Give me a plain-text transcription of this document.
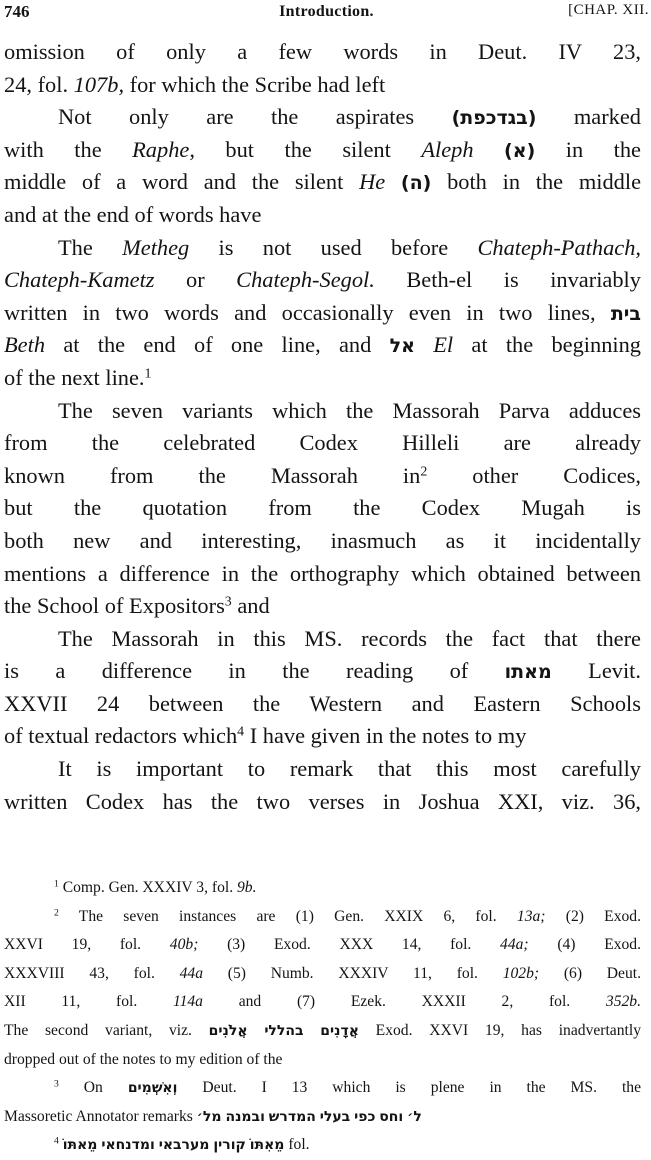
746	Introduction.	[CHAP. XII.

omission of only a few words in Deut. IV 23,
24, fol. 107b, for which the Scribe had left

Not only are the aspirates (בגדכפת) marked
with the Raphe, but the silent Aleph (א) in the
middle of a word and the silent He (ה) both in the middle
and at the end of words have

The Metheg is not used before Chateph-Pathach,
Chateph-Kametz or Chateph-Segol. Beth-el is invariably
written in two words and occasionally even in two lines, בית
Beth at the end of one line, and אל El at the beginning
of the next line.$^1$

The seven variants which the Massorah Parva adduces
from the celebrated Codex Hilleli are already
known from the Massorah $in^2$ other Codices,
but the quotation from the Codex Mugah is
both new and interesting, inasmuch as it incidentally
mentions a difference in the orthography which obtained between
the School of Expositors$^3$ and

The Massorah in this MS. records the fact that there
is a difference in the reading of מאתו Levit.
XXVII 24 between the Western and Eastern Schools
of textual redactors which$^4$ I have given in the notes to my

It is important to remark that this most carefully
written Codex has the two verses in Joshua XXI, viz. 36,

$^1$ Comp. Gen. XXXIV 3, fol. 9b.

$^2$ The seven instances are (1) Gen. XXIX 6, fol. 13a; (2) Exod.
XXVI 19, fol. 40b; (3) Exod. XXX 14, fol. 44a; (4) Exod.
XXXVIII 43, fol. 44a (5) Numb. XXXIV 11, fol. 102b; (6) Deut.
XII 11, fol. 114a and (7) Ezek. XXXII 2, fol. 352b.
The second variant, viz.	אֲדָנִים בהללי אֲלֹנִים	Exod. XXVI 19, has inadvertantly
dropped out of the notes to my edition of the

$^3$ On וְאִשְׁמִים Deut. I 13 which is plene in the MS. the
Massoretic Annotator remarks	ל׳ וחס כפי בעלי המדרש ובמנה מל׳

$^4$	מֵאִתּוֹ קורין מערבאי ומדנחאי מֵאתּוֹ	fol.
